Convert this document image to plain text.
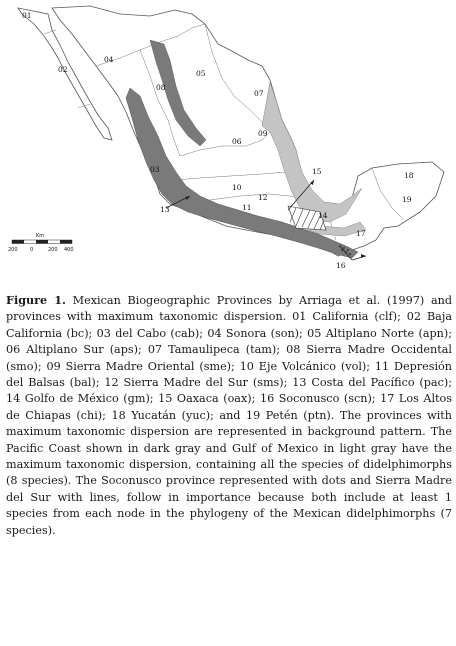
01
02
03
04
05
06
07
08
09
10
11
12
13
14
15
16
17
18
19
Km
200 0	200 400
Figure 1. Mexican Biogeographic Provinces by Arriaga et al. (1997) and provinces with maximum taxonomic dispersion. 01 California (clf); 02 Baja California (bc); 03 del Cabo (cab); 04 Sonora (son); 05 Altiplano Norte (apn); 06 Altiplano Sur (aps); 07 Tamaulipeca (tam); 08 Sierra Madre Occidental (smo); 09 Sierra Madre Oriental (sme); 10 Eje Volcánico (vol); 11 Depresión del Balsas (bal); 12 Sierra Madre del Sur (sms); 13 Costa del Pacífico (pac); 14 Golfo de México (gm); 15 Oaxaca (oax); 16 Soconusco (scn); 17 Los Altos de Chiapas (chi); 18 Yucatán (yuc); and 19 Petén (ptn). The provinces with maximum taxonomic dispersion are represented in background pattern. The Pacific Coast shown in dark gray and Gulf of Mexico in light gray have the maximum taxonomic dispersion, containing all the species of didelphimorphs (8 species). The Soconusco province represented with dots and Sierra Madre del Sur with lines, follow in importance because both include at least 1 species from each node in the phylogeny of the Mexican didelphimorphs (7 species).
